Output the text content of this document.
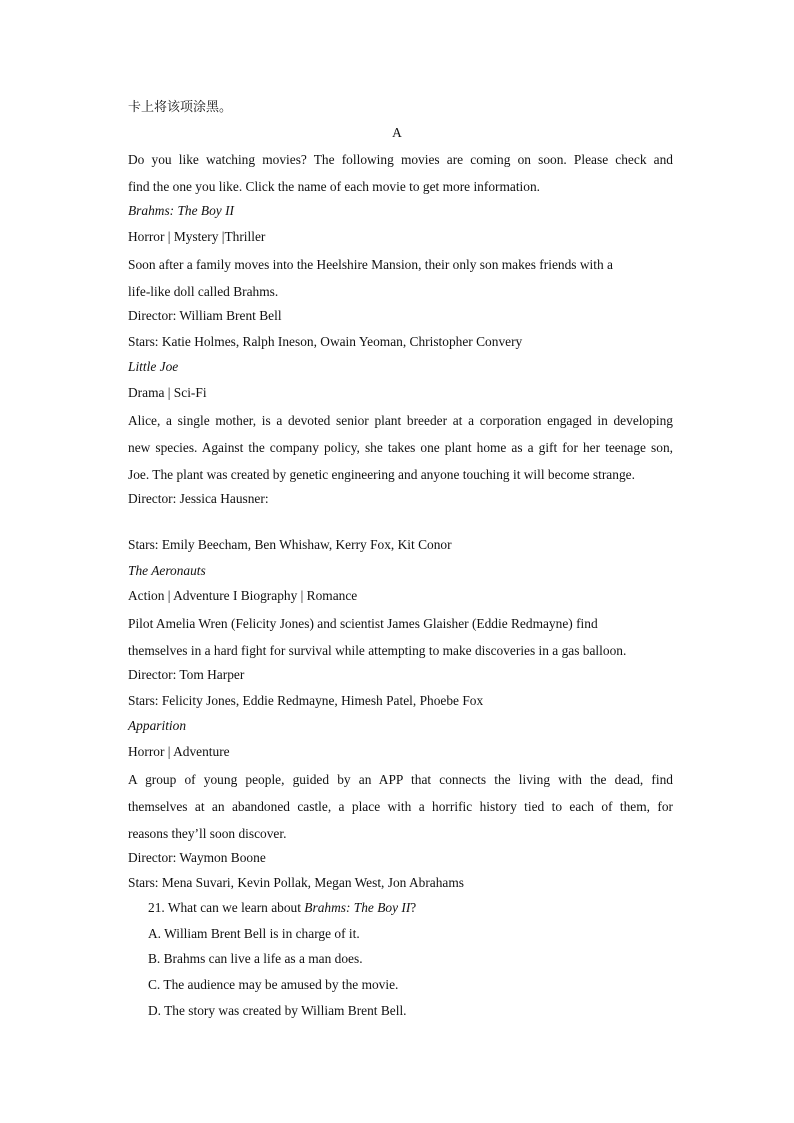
卡上将该项涂黑。
A
Do you like watching movies? The following movies are coming on soon. Please check and
find the one you like. Click the name of each movie to get more information.
Brahms: The Boy II
Horror | Mystery |Thriller
Soon after a family moves into the Heelshire Mansion, their only son makes friends with a
life-like doll called Brahms.
Director: William Brent Bell
Stars: Katie Holmes, Ralph Ineson, Owain Yeoman, Christopher Convery
Little Joe
Drama | Sci-Fi
Alice, a single mother, is a devoted senior plant breeder at a corporation engaged in developing
new species. Against the company policy, she takes one plant home as a gift for her teenage son,
Joe. The plant was created by genetic engineering and anyone touching it will become strange.
Director: Jessica Hausner:
Stars: Emily Beecham, Ben Whishaw, Kerry Fox, Kit Conor
The Aeronauts
Action | Adventure I Biography | Romance
Pilot Amelia Wren (Felicity Jones) and scientist James Glaisher (Eddie Redmayne) find
themselves in a hard fight for survival while attempting to make discoveries in a gas balloon.
Director: Tom Harper
Stars: Felicity Jones, Eddie Redmayne, Himesh Patel, Phoebe Fox
Apparition
Horror | Adventure
A group of young people, guided by an APP that connects the living with the dead, find
themselves at an abandoned castle, a place with a horrific history tied to each of them, for
reasons they’ll soon discover.
Director: Waymon Boone
Stars: Mena Suvari, Kevin Pollak, Megan West, Jon Abrahams
21. What can we learn about Brahms: The Boy II?
A. William Brent Bell is in charge of it.
B. Brahms can live a life as a man does.
C. The audience may be amused by the movie.
D. The story was created by William Brent Bell.
